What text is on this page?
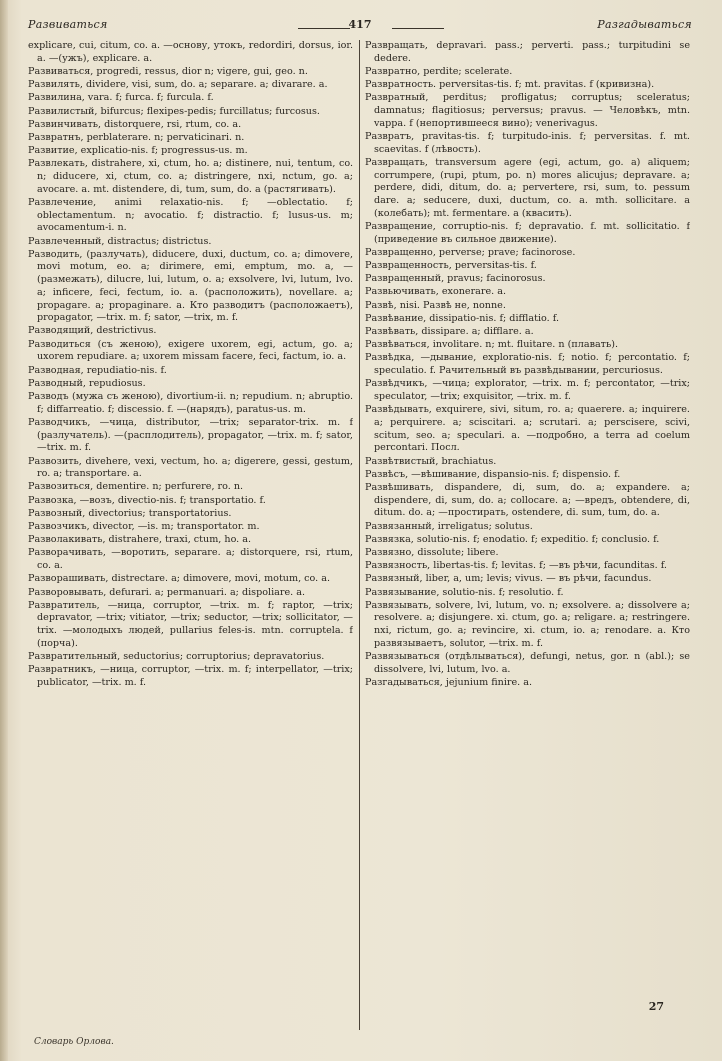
Развиваться	417	Разгадываться

explicare, cui, citum, co. a. —основу, утокъ, redordiri, dorsus, ior. a. —(ужъ), explicare. a.

Развиваться, progredi, ressus, dior n; vigere, gui, geo. n.

Развилять, dividere, visi, sum, do. a; separare. a; divarare. a.

Развилина, vara. f; furca. f; furcula. f.

Развилистый, bifurcus; flexipes-pedis; furcillatus; furcosus.

Развинчивать, distorquere, rsi, rtum, co. a.

Развратнъ, perblaterare. n; pervaticinari. n.

Развитие, explicatio-nis. f; progressus-us. m.

Развлекать, distrahere, xi, ctum, ho. a; distinere, nui, tentum, co. n; diducere, xi, ctum, co. a; distringere, nxi, nctum, go. a; avocare. a. mt. distendere, di, tum, sum, do. a (растягивать).

Развлечение, animi relaxatio-nis. f; —oblectatio. f; oblectamentum. n; avocatio. f; distractio. f; lusus-us. m; avocamentum-i. n.

Развлеченный, distractus; districtus.

Разводить, (разлучать), diducere, duxi, ductum, co. a; dimovere, movi motum, eo. a; dirimere, emi, emptum, mo. a, —(размежать), dilucre, lui, lutum, o. a; exsolvere, lvi, lutum, lvo. a; inficere, feci, fectum, io. a. (расположить), novellare. a; propagare. a; propaginare. a. Кто разводитъ (расположаетъ), propagator, —trix. m. f; sator, —trix, m. f.

Разводящий, destrictivus.

Разводиться (съ женою), exigere uxorem, egi, actum, go. a; uxorem repudiare. a; uxorem missam facere, feci, factum, io. a.

Разводная, repudiatio-nis. f.

Разводный, repudiosus.

Разводъ (мужа съ женою), divortium-ii. n; repudium. n; abruptio. f; diffarreatio. f; discessio. f. —(нарядъ), paratus-us. m.

Разводчикъ, —чица, distributor, —trix; separator-trix. m. f (разлучатель). —(расплодитель), propagator, —trix. m. f; sator, —trix. m. f.

Развозить, divehere, vexi, vectum, ho. a; digerere, gessi, gestum, ro. a; transportare. a.

Развозиться, dementire. n; perfurere, ro. n.

Развозка, —возъ, divectio-nis. f; transportatio. f.

Развозный, divectorius; transportatorius.

Развозчикъ, divector, —is. m; transportator. m.

Разволакивать, distrahere, traxi, ctum, ho. a.

Разворачивать, —воротить, separare. a; distorquere, rsi, rtum, co. a.

Разворашивать, distrectare. a; dimovere, movi, motum, co. a.

Разворовывать, defurari. a; permanuari. a; dispoliare. a.

Развратитель, —ница, corruptor, —trix. m. f; raptor, —trix; depravator, —trix; vitiator, —trix; seductor, —trix; sollicitator, —trix. —молодыхъ людей, pullarius feles-is. mtn. corruptela. f (порча).

Развратительный, seductorius; corruptorius; depravatorius.

Развратникъ, —ница, corruptor, —trix. m. f; interpellator, —trix; publicator, —trix. m. f.

Развращать, depravari. pass.; perverti. pass.; turpitudini se dedere.

Развратно, perdite; scelerate.

Развратность. perversitas-tis. f; mt. pravitas. f (кривизна).

Развратный, perditus; profligatus; corruptus; sceleratus; damnatus; flagitiosus; perversus; pravus. — Человѣкъ, mtn. vappa. f (непортившееся вино); venerivagus.

Развратъ, pravitas-tis. f; turpitudo-inis. f; perversitas. f. mt. scaevitas. f (лѣвость).

Развращать, transversum agere (egi, actum, go. a) aliquem; corrumpere, (rupi, ptum, po. n) mores alicujus; depravare. a; perdere, didi, ditum, do. a; pervertere, rsi, sum, to. pessum dare. a; seducere, duxi, ductum, co. a. mth. sollicitare. a (колебать); mt. fermentare. a (квасить).

Развращение, corruptio-nis. f; depravatio. f. mt. sollicitatio. f (приведение въ сильное движение).

Развращенно, perverse; prave; facinorose.

Развращенность, perversitas-tis. f.

Развращенный, pravus; facinorosus.

Развьючивать, exonerare. a.

Развѣ, nisi. Развѣ не, nonne.

Развѣвание, dissipatio-nis. f; difflatio. f.

Развѣвать, dissipare. a; difflare. a.

Развѣваться, involitare. n; mt. fluitare. n (плавать).

Развѣдка, —дывание, exploratio-nis. f; notio. f; percontatio. f; speculatio. f. Рачительный въ развѣдывании, percuriosus.

Развѣдчикъ, —чица; explorator, —trix. m. f; percontator, —trix; speculator, —trix; exquisitor, —trix. m. f.

Развѣдывать, exquirere, sivi, situm, ro. a; quaerere. a; inquirere. a; perquirere. a; sciscitari. a; scrutari. a; perscisere, scivi, scitum, seo. a; speculari. a. —подробно, a terra ad coelum percontari. Посл.

Развѣтвистый, brachiatus.

Развѣсъ, —вѣшивание, dispansio-nis. f; dispensio. f.

Развѣшивать, dispandere, di, sum, do. a; expandere. a; dispendere, di, sum, do. a; collocare. a; —вредъ, obtendere, di, ditum. do. a; —простирать, ostendere, di. sum, tum, do. a.

Развязанный, irreligatus; solutus.

Развязка, solutio-nis. f; enodatio. f; expeditio. f; conclusio. f.

Развязно, dissolute; libere.

Развязность, libertas-tis. f; levitas. f; —въ рѣчи, facunditas. f.

Развязный, liber, a, um; levis; vivus. — въ рѣчи, facundus.

Развязывание, solutio-nis. f; resolutio. f.

Развязывать, solvere, lvi, lutum, vo. n; exsolvere. a; dissolvere a; resolvere. a; disjungere. xi. ctum, go. a; religare. a; restringere. nxi, rictum, go. a; revincire, xi. ctum, io. a; renodare. a. Кто развязываетъ, solutor, —trix. m. f.

Развязываться (отдѣлываться), defungi, netus, gor. n (abl.); se dissolvere, lvi, lutum, lvo. a.

Разгадываться, jejunium finire. a.

Словарь Орлова.
27
